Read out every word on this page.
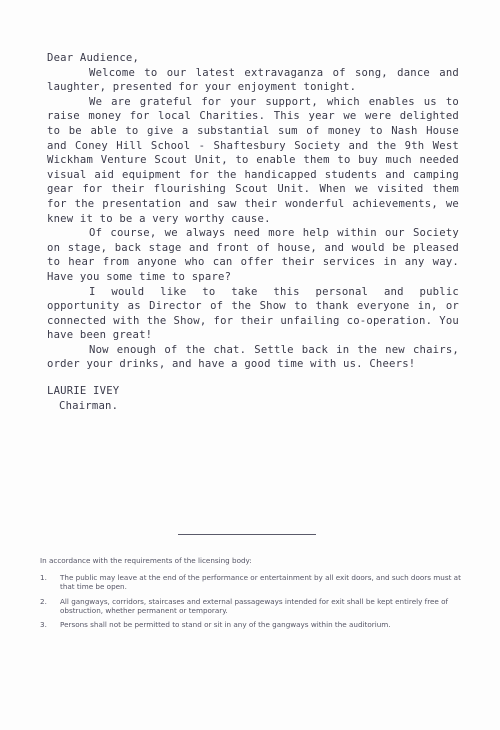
Dear Audience,

Welcome to our latest extravaganza of song, dance and laughter, presented for your enjoyment tonight.

We are grateful for your support, which enables us to raise money for local Charities. This year we were delighted to be able to give a substantial sum of money to Nash House and Coney Hill School - Shaftesbury Society and the 9th West Wickham Venture Scout Unit, to enable them to buy much needed visual aid equipment for the handicapped students and camping gear for their flourishing Scout Unit. When we visited them for the presentation and saw their wonderful achievements, we knew it to be a very worthy cause.

Of course, we always need more help within our Society on stage, back stage and front of house, and would be pleased to hear from anyone who can offer their services in any way. Have you some time to spare?

I would like to take this personal and public opportunity as Director of the Show to thank everyone in, or connected with the Show, for their unfailing co-operation. You have been great!

Now enough of the chat. Settle back in the new chairs, order your drinks, and have a good time with us. Cheers!

LAURIE IVEY
Chairman.
In accordance with the requirements of the licensing body:
1.	The public may leave at the end of the performance or entertainment by all exit doors, and such doors must at that time be open.
2.	All gangways, corridors, staircases and external passageways intended for exit shall be kept entirely free of obstruction, whether permanent or temporary.
3.	Persons shall not be permitted to stand or sit in any of the gangways within the auditorium.
